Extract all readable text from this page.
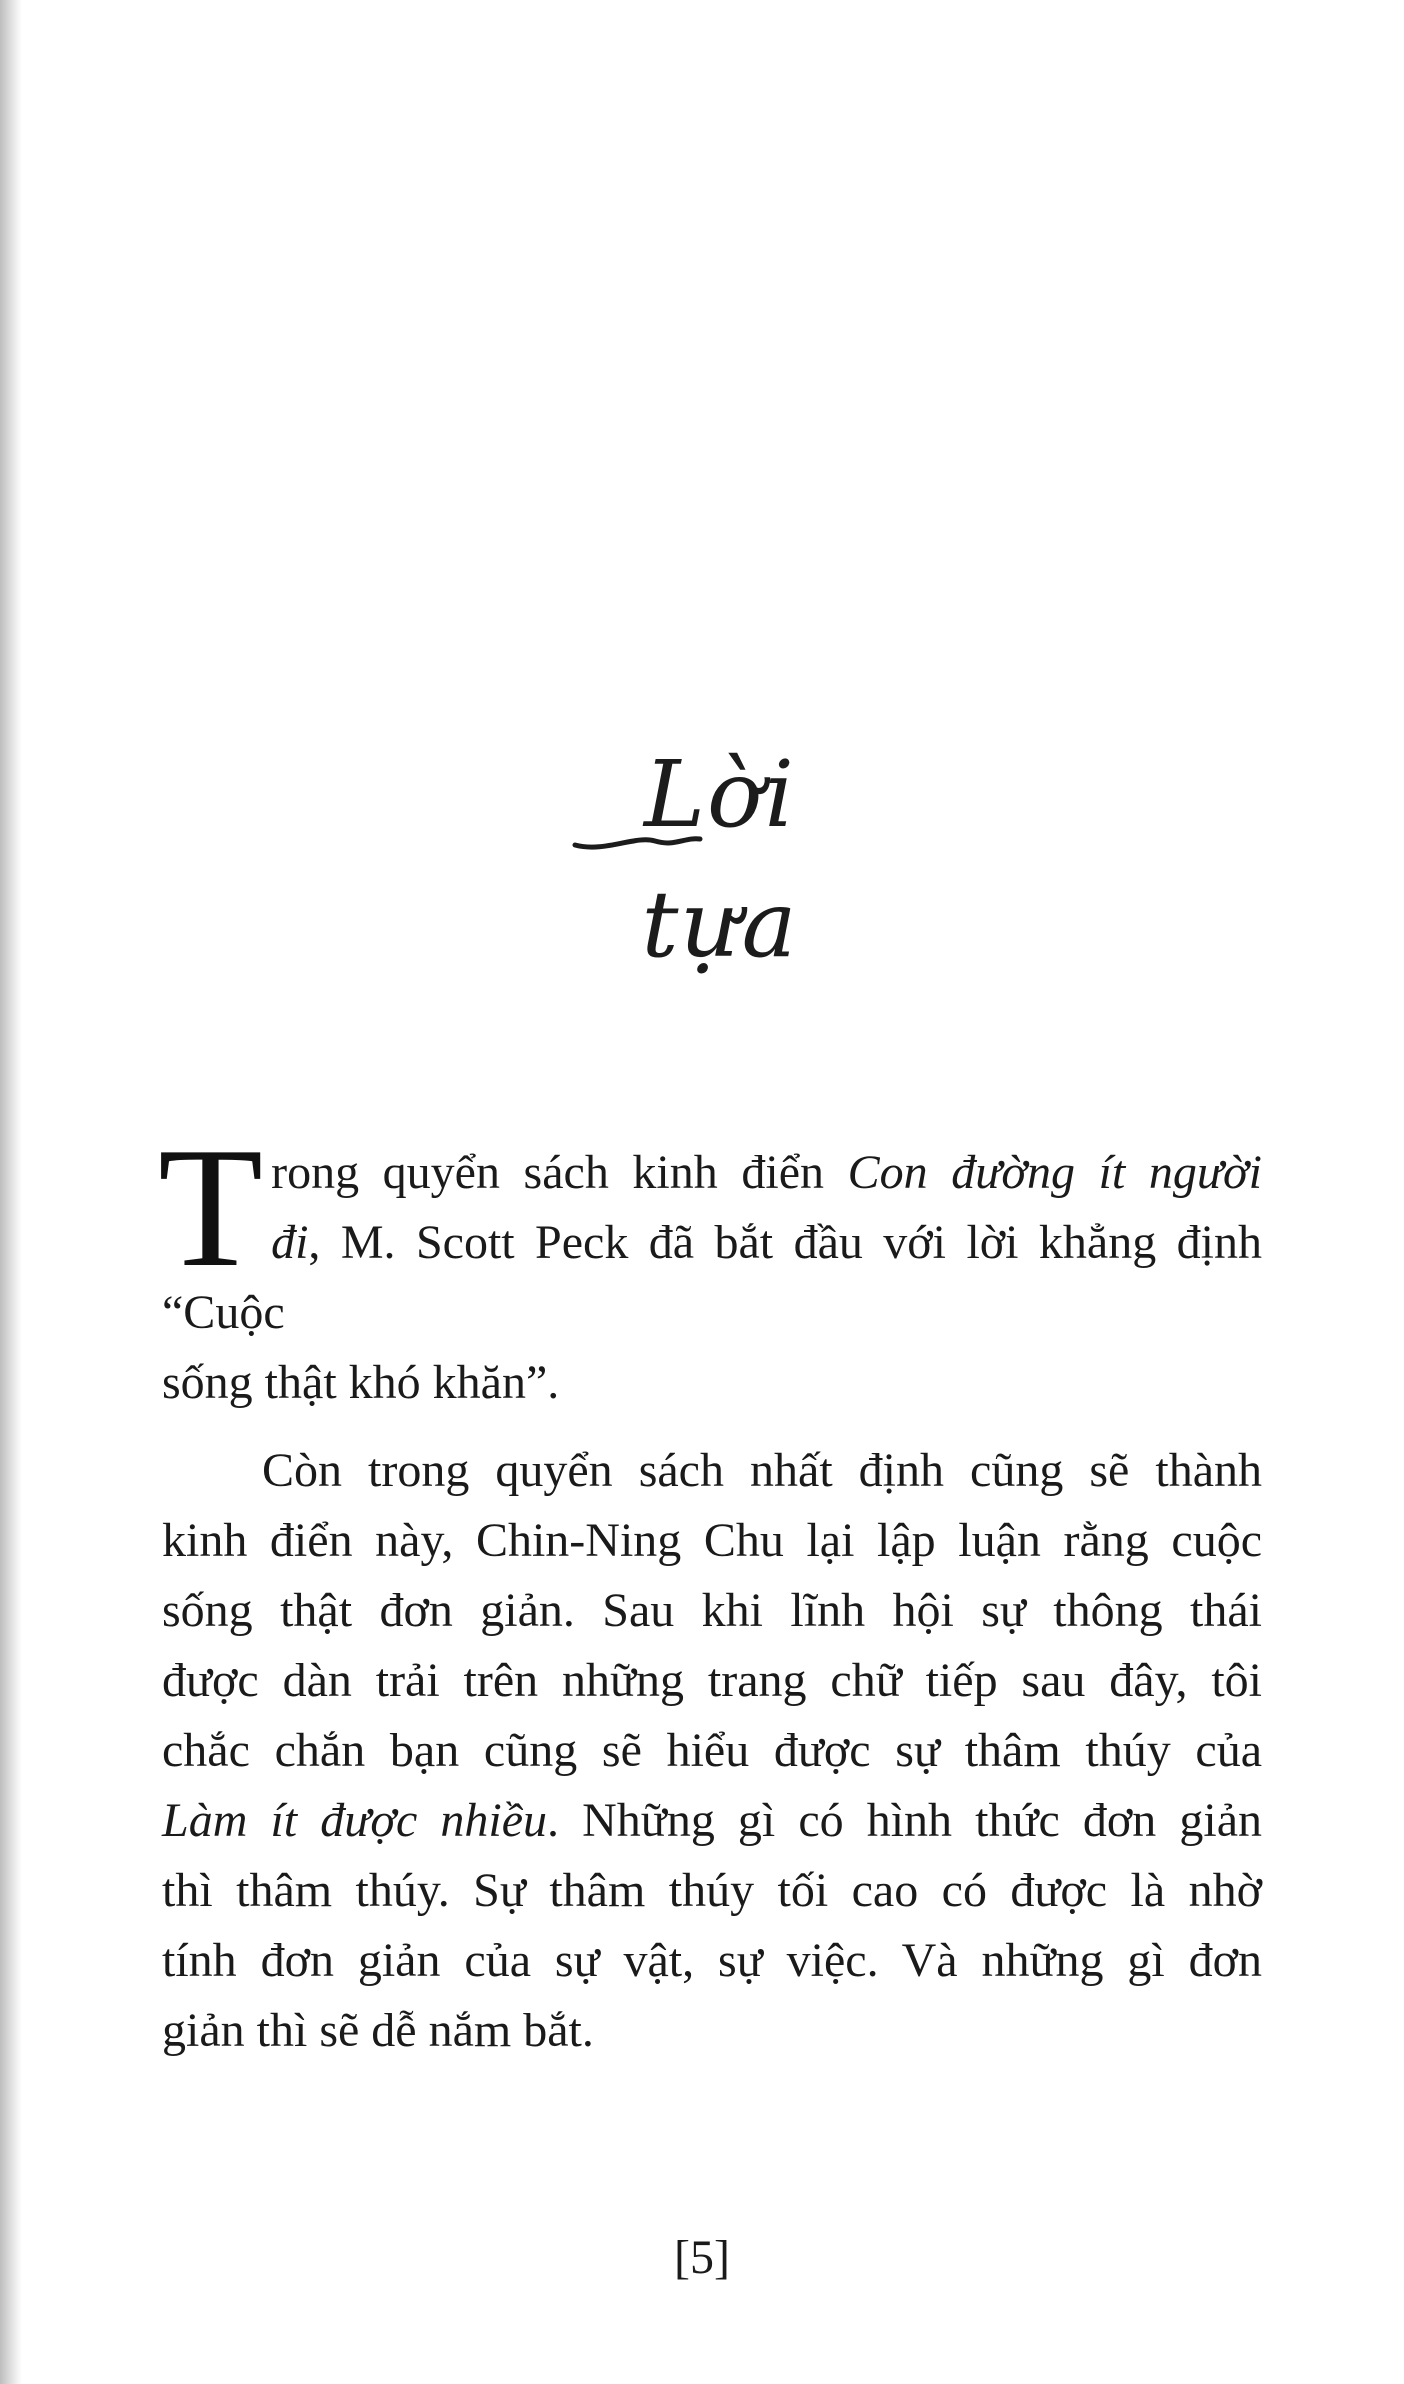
Lời tựa

T rong quyển sách kinh điển Con đường ít người
đi, M. Scott Peck đã bắt đầu với lời khẳng định “Cuộc
sống thật khó khăn”.

Còn trong quyển sách nhất định cũng sẽ thành
kinh điển này, Chin-Ning Chu lại lập luận rằng cuộc
sống thật đơn giản. Sau khi lĩnh hội sự thông thái
được dàn trải trên những trang chữ tiếp sau đây, tôi
chắc chắn bạn cũng sẽ hiểu được sự thâm thúy của
Làm ít được nhiều. Những gì có hình thức đơn giản
thì thâm thúy. Sự thâm thúy tối cao có được là nhờ
tính đơn giản của sự vật, sự việc. Và những gì đơn
giản thì sẽ dễ nắm bắt.

[5]
